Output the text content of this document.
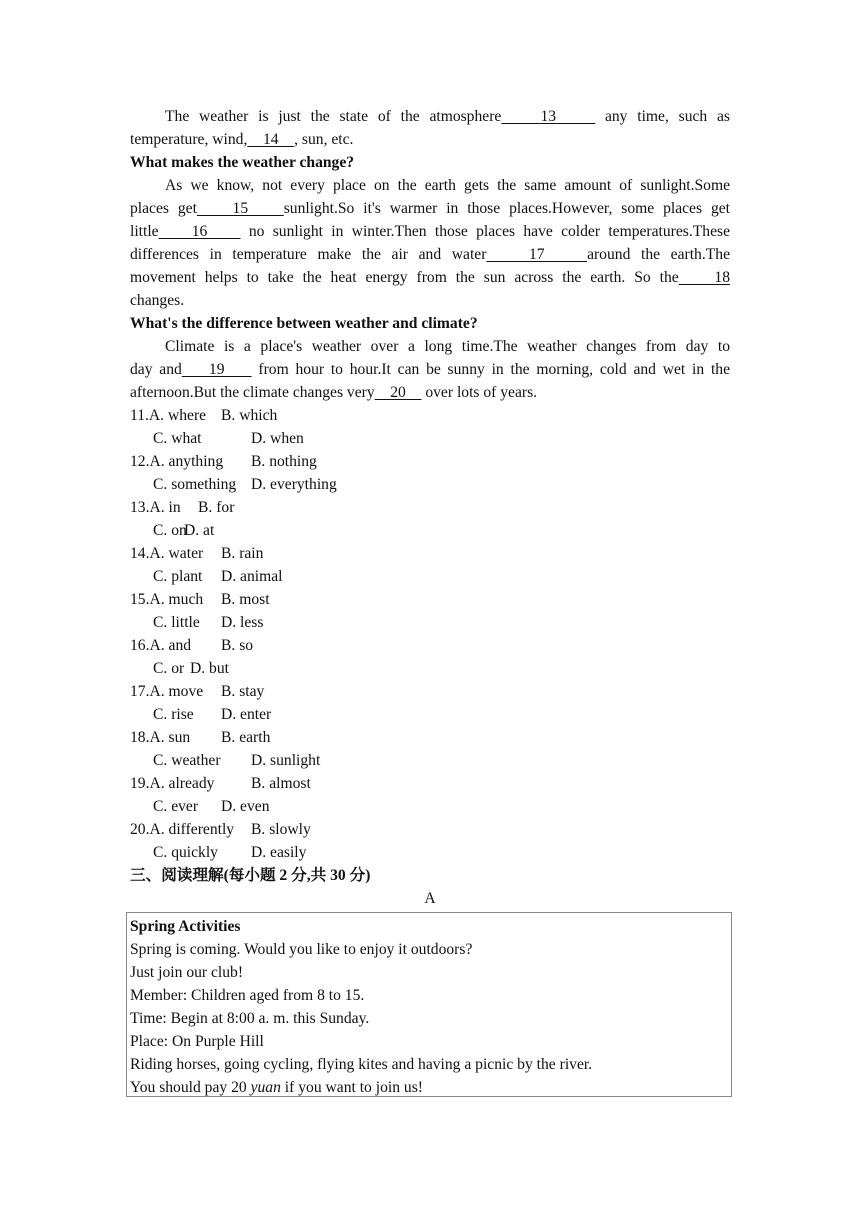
The weather is just the state of the atmosphere    13     any time, such as
temperature, wind,    14    , sun, etc.
What makes the weather change?
As we know, not every place on the earth gets the same amount of sunlight.Some
places get    15    sunlight.So it's warmer in those places.However, some places get
little    16     no sunlight in winter.Then those places have colder temperatures.These
differences in temperature make the air and water    17    around the earth.The
movement helps to take the heat energy from the sun across the earth. So the    18
changes.
What's the difference between weather and climate?
Climate is a place's weather over a long time.The weather changes from day to
day and    19     from hour to hour.It can be sunny in the morning, cold and wet in the
afternoon.But the climate changes very    20     over lots of years.
11.A. where B. which
C. what	D. when
12.A. anything B. nothing
C. something D. everything
13.A. in B. for
C. on
D. at
14.A. water B. rain
C. plant D. animal
15.A. much B. most
C. little D. less
16.A. and B. so
C. or D. but
17.A. move B. stay
C. rise D. enter
18.A. sun B. earth
C. weather D. sunlight
19.A. already B. almost
C. ever D. even
20.A. differently B. slowly
C. quickly D. easily
三、阅读理解(每小题 2 分,共 30 分)
A
Spring Activities
Spring is coming. Would you like to enjoy it outdoors?
Just join our club!
Member: Children aged from 8 to 15.
Time: Begin at 8:00 a. m. this Sunday.
Place: On Purple Hill
Riding horses, going cycling, flying kites and having a picnic by the river.
You should pay 20 yuan if you want to join us!
